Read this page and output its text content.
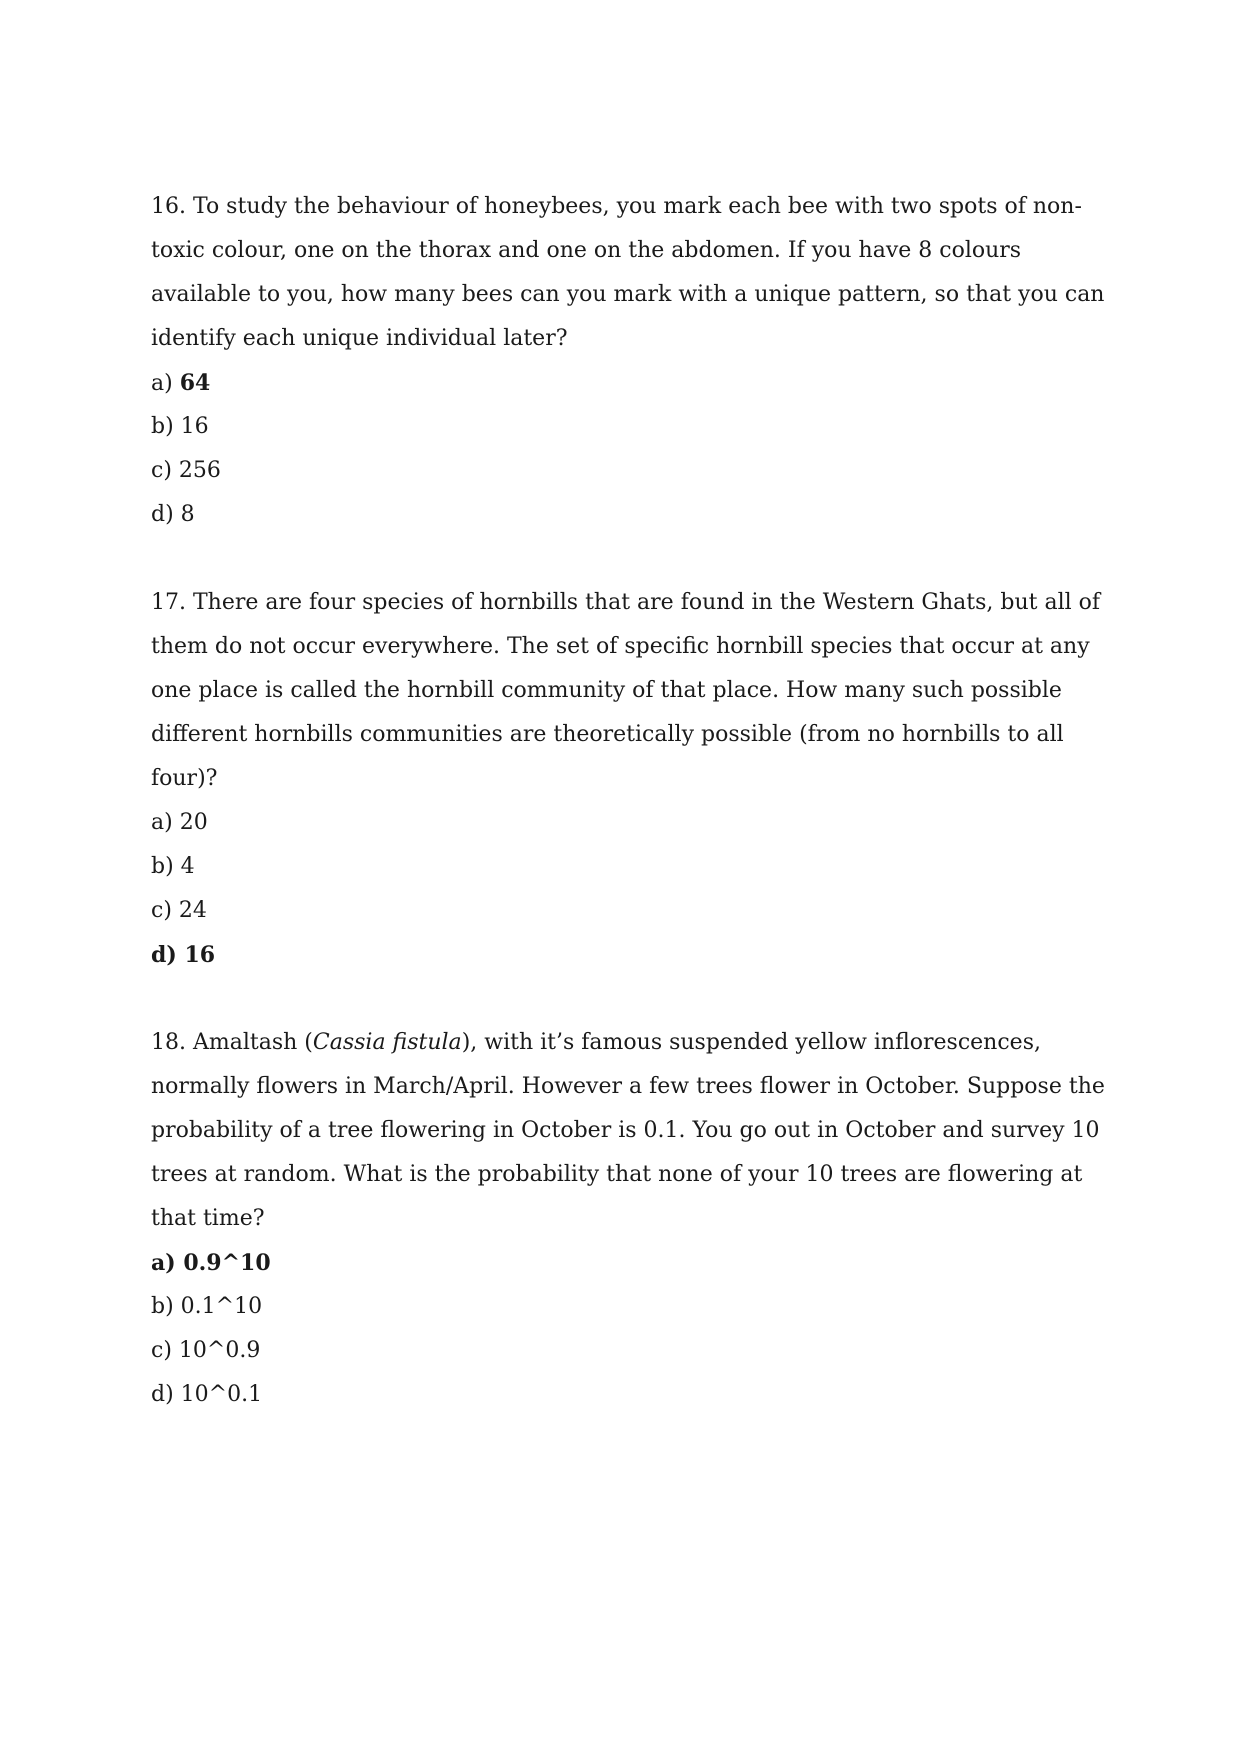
16. To study the behaviour of honeybees, you mark each bee with two spots of non-toxic colour, one on the thorax and one on the abdomen. If you have 8 colours available to you, how many bees can you mark with a unique pattern, so that you can identify each unique individual later?

a) 64
b) 16
c) 256
d) 8

17. There are four species of hornbills that are found in the Western Ghats, but all of them do not occur everywhere. The set of specific hornbill species that occur at any one place is called the hornbill community of that place. How many such possible different hornbills communities are theoretically possible (from no hornbills to all four)?

a) 20
b) 4
c) 24
d) 16

18. Amaltash (Cassia fistula), with it’s famous suspended yellow inflorescences, normally flowers in March/April. However a few trees flower in October. Suppose the probability of a tree flowering in October is 0.1. You go out in October and survey 10 trees at random. What is the probability that none of your 10 trees are flowering at that time?

a) 0.9^10
b) 0.1^10
c) 10^0.9
d) 10^0.1
